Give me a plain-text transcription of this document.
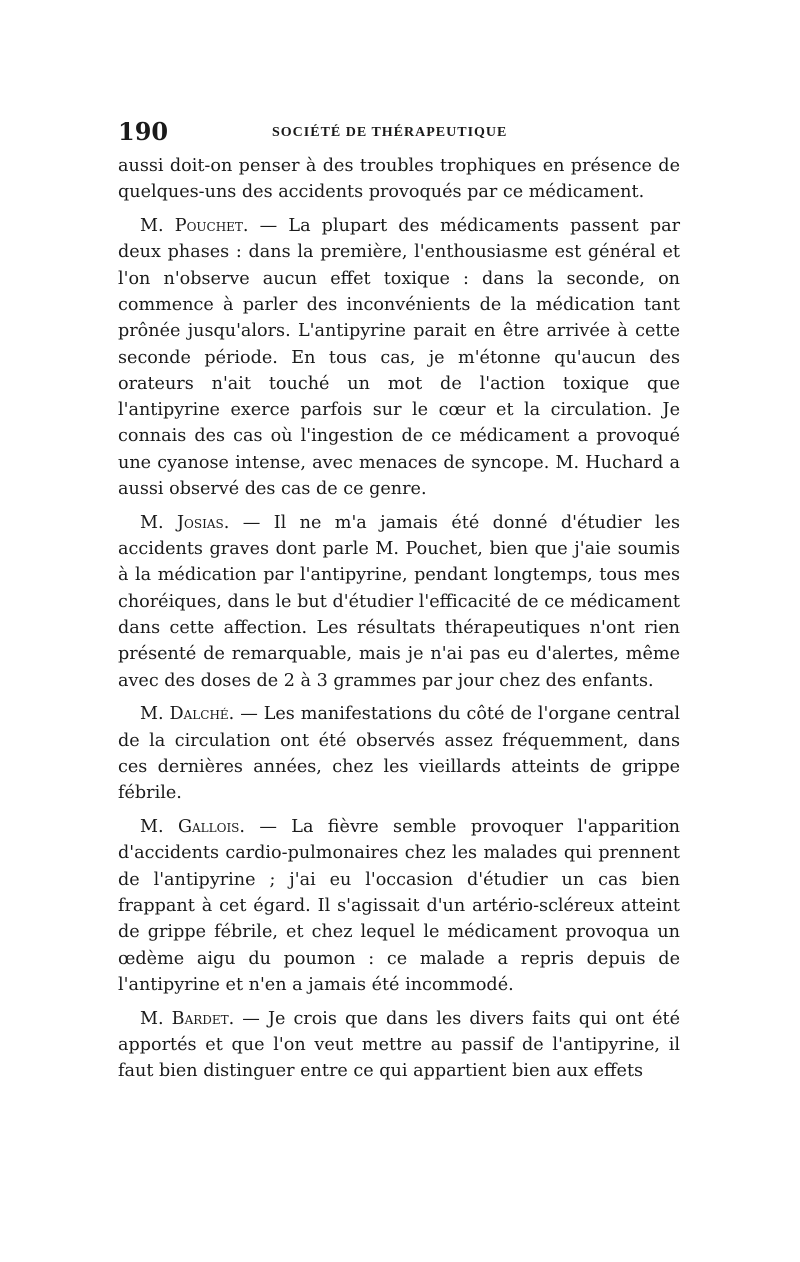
190	SOCIÉTÉ DE THÉRAPEUTIQUE

aussi doit-on penser à des troubles trophiques en présence de quelques-uns des accidents provoqués par ce médicament.

M. Pouchet. — La plupart des médicaments passent par deux phases : dans la première, l'enthousiasme est général et l'on n'observe aucun effet toxique : dans la seconde, on commence à parler des inconvénients de la médication tant prônée jusqu'alors. L'antipyrine parait en être arrivée à cette seconde période. En tous cas, je m'étonne qu'aucun des orateurs n'ait touché un mot de l'action toxique que l'antipyrine exerce parfois sur le cœur et la circulation. Je connais des cas où l'ingestion de ce médicament a provoqué une cyanose intense, avec menaces de syncope. M. Huchard a aussi observé des cas de ce genre.

M. Josias. — Il ne m'a jamais été donné d'étudier les accidents graves dont parle M. Pouchet, bien que j'aie soumis à la médication par l'antipyrine, pendant longtemps, tous mes choréiques, dans le but d'étudier l'efficacité de ce médicament dans cette affection. Les résultats thérapeutiques n'ont rien présenté de remarquable, mais je n'ai pas eu d'alertes, même avec des doses de 2 à 3 grammes par jour chez des enfants.

M. Dalché. — Les manifestations du côté de l'organe central de la circulation ont été observés assez fréquemment, dans ces dernières années, chez les vieillards atteints de grippe fébrile.

M. Gallois. — La fièvre semble provoquer l'apparition d'accidents cardio-pulmonaires chez les malades qui prennent de l'antipyrine ; j'ai eu l'occasion d'étudier un cas bien frappant à cet égard. Il s'agissait d'un artério-scléreux atteint de grippe fébrile, et chez lequel le médicament provoqua un œdème aigu du poumon : ce malade a repris depuis de l'antipyrine et n'en a jamais été incommodé.

M. Bardet. — Je crois que dans les divers faits qui ont été apportés et que l'on veut mettre au passif de l'antipyrine, il faut bien distinguer entre ce qui appartient bien aux effets
